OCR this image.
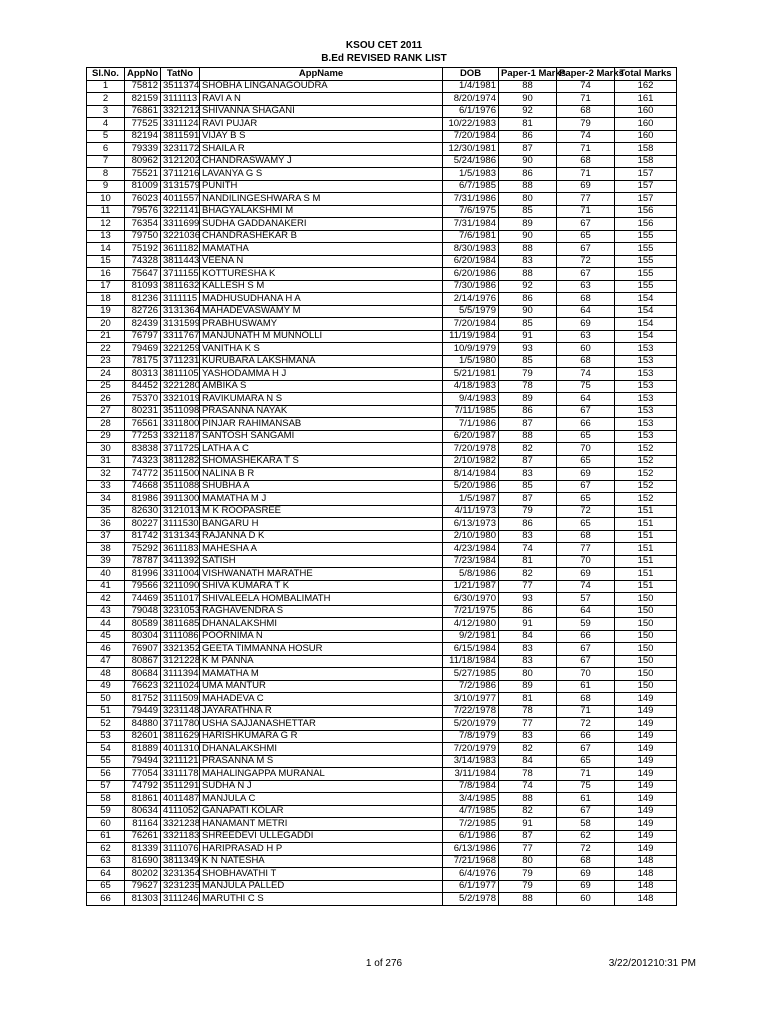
KSOU CET 2011
B.Ed REVISED RANK LIST
Sl.No.	AppNo	TatNo	AppName	DOB	Paper-1 Marks	Paper-2 Marks	Total Marks
1	75812	3511374	SHOBHA LINGANAGOUDRA	1/4/1981	88	74	162
2	82159	3111113	RAVI A N	8/20/1974	90	71	161
3	76861	3321212	SHIVANNA SHAGANI	6/1/1976	92	68	160
4	77525	3311124	RAVI PUJAR	10/22/1983	81	79	160
5	82194	3811591	VIJAY B S	7/20/1984	86	74	160
6	79339	3231172	SHAILA R	12/30/1981	87	71	158
7	80962	3121202	CHANDRASWAMY J	5/24/1986	90	68	158
8	75521	3711216	LAVANYA G S	1/5/1983	86	71	157
9	81009	3131579	PUNITH	6/7/1985	88	69	157
10	76023	4011557	NANDILINGESHWARA S M	7/31/1986	80	77	157
11	79576	3221141	BHAGYALAKSHMI M	7/6/1975	85	71	156
12	76354	3311699	SUDHA GADDANAKERI	7/31/1984	89	67	156
13	79750	3221036	CHANDRASHEKAR B	7/6/1981	90	65	155
14	75192	3611182	MAMATHA	8/30/1983	88	67	155
15	74328	3811443	VEENA N	6/20/1984	83	72	155
16	75647	3711155	KOTTURESHA K	6/20/1986	88	67	155
17	81093	3811632	KALLESH S M	7/30/1986	92	63	155
18	81236	3111115	MADHUSUDHANA H A	2/14/1976	86	68	154
19	82726	3131364	MAHADEVASWAMY M	5/5/1979	90	64	154
20	82439	3131599	PRABHUSWAMY	7/20/1984	85	69	154
21	76797	3311767	MANJUNATH M MUNNOLLI	11/19/1984	91	63	154
22	79469	3221259	VANITHA K S	10/9/1979	93	60	153
23	78175	3711231	KURUBARA LAKSHMANA	1/5/1980	85	68	153
24	80313	3811105	YASHODAMMA H J	5/21/1981	79	74	153
25	84452	3221280	AMBIKA S	4/18/1983	78	75	153
26	75370	3321019	RAVIKUMARA N S	9/4/1983	89	64	153
27	80231	3511098	PRASANNA NAYAK	7/11/1985	86	67	153
28	76561	3311800	PINJAR RAHIMANSAB	7/1/1986	87	66	153
29	77253	3321187	SANTOSH SANGAMI	6/20/1987	88	65	153
30	83838	3711725	LATHA A C	7/20/1978	82	70	152
31	74323	3811282	SHOMASHEKARA T S	2/10/1982	87	65	152
32	74772	3511500	NALINA B R	8/14/1984	83	69	152
33	74668	3511088	SHUBHA A	5/20/1986	85	67	152
34	81986	3911300	MAMATHA M J	1/5/1987	87	65	152
35	82630	3121013	M K ROOPASREE	4/11/1973	79	72	151
36	80227	3111530	BANGARU H	6/13/1973	86	65	151
37	81742	3131343	RAJANNA D K	2/10/1980	83	68	151
38	75292	3611183	MAHESHA A	4/23/1984	74	77	151
39	78787	3411392	SATISH	7/23/1984	81	70	151
40	81996	3311004	VISHWANATH MARATHE	5/8/1986	82	69	151
41	79566	3211090	SHIVA KUMARA T K	1/21/1987	77	74	151
42	74469	3511017	SHIVALEELA HOMBALIMATH	6/30/1970	93	57	150
43	79048	3231053	RAGHAVENDRA S	7/21/1975	86	64	150
44	80589	3811685	DHANALAKSHMI	4/12/1980	91	59	150
45	80304	3111086	POORNIMA N	9/2/1981	84	66	150
46	76907	3321352	GEETA TIMMANNA HOSUR	6/15/1984	83	67	150
47	80867	3121228	K M PANNA	11/18/1984	83	67	150
48	80684	3111394	MAMATHA M	5/27/1985	80	70	150
49	76623	3211024	UMA MANTUR	7/2/1986	89	61	150
50	81752	3111509	MAHADEVA C	3/10/1977	81	68	149
51	79449	3231148	JAYARATHNA R	7/22/1978	78	71	149
52	84880	3711780	USHA SAJJANASHETTAR	5/20/1979	77	72	149
53	82601	3811629	HARISHKUMARA G R	7/8/1979	83	66	149
54	81889	4011310	DHANALAKSHMI	7/20/1979	82	67	149
55	79494	3211121	PRASANNA M S	3/14/1983	84	65	149
56	77054	3311178	MAHALINGAPPA MURANAL	3/11/1984	78	71	149
57	74792	3511291	SUDHA N J	7/8/1984	74	75	149
58	81861	4011487	MANJULA C	3/4/1985	88	61	149
59	80634	4111052	GANAPATI KOLAR	4/7/1985	82	67	149
60	81164	3321238	HANAMANT METRI	7/2/1985	91	58	149
61	76261	3321183	SHREEDEVI ULLEGADDI	6/1/1986	87	62	149
62	81339	3111076	HARIPRASAD H P	6/13/1986	77	72	149
63	81690	3811349	K N NATESHA	7/21/1968	80	68	148
64	80202	3231354	SHOBHAVATHI T	6/4/1976	79	69	148
65	79627	3231235	MANJULA PALLED	6/1/1977	79	69	148
66	81303	3111246	MARUTHI C S	5/2/1978	88	60	148
1 of 276	3/22/201210:31 PM
